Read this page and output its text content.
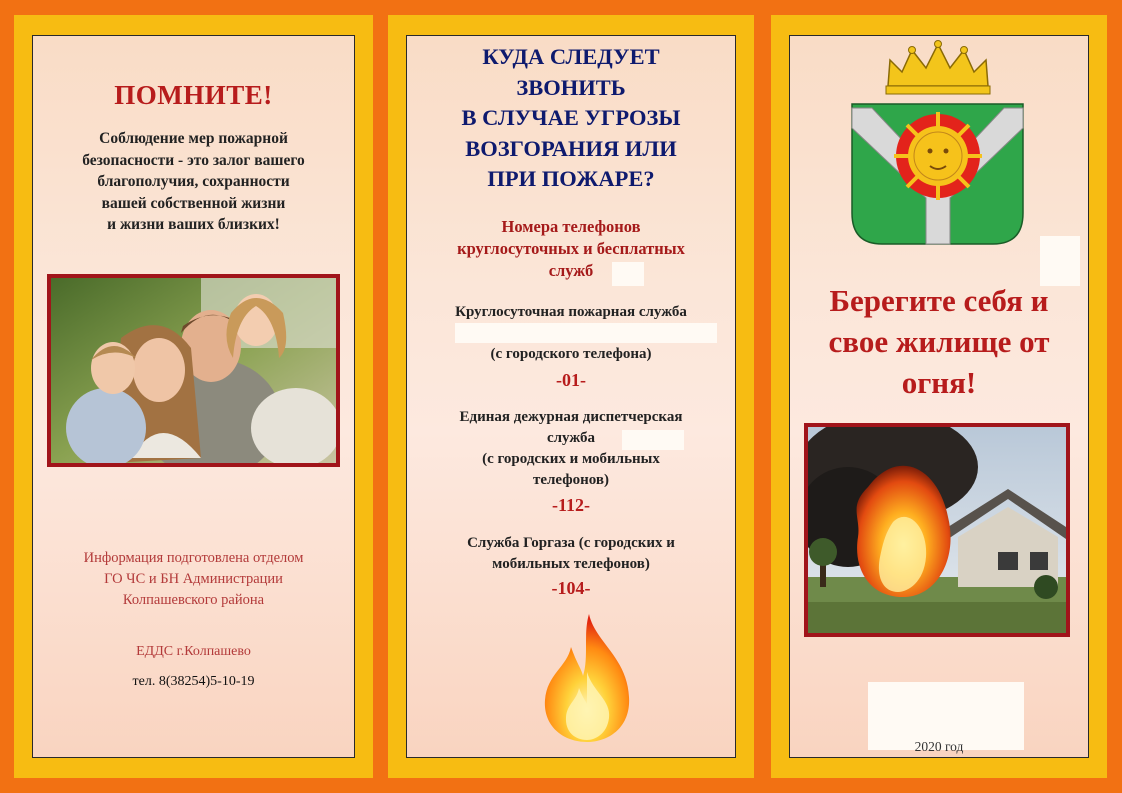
ПОМНИТЕ!
Соблюдение мер пожарной
безопасности - это залог вашего
благополучия, сохранности
вашей собственной жизни
и жизни ваших близких!
Информация подготовлена отделом
ГО ЧС и БН Администрации
Колпашевского района
ЕДДС г.Колпашево
тел. 8(38254)5-10-19
КУДА СЛЕДУЕТ
ЗВОНИТЬ
В СЛУЧАЕ УГРОЗЫ
ВОЗГОРАНИЯ ИЛИ
ПРИ ПОЖАРЕ?
Номера телефонов
круглосуточных и бесплатных
служб
Круглосуточная пожарная служба
(с городского телефона)
-01-
Единая дежурная диспетчерская
служба
(с городских и мобильных
телефонов)
-112-
Служба Горгаза (с городских и
мобильных телефонов)
-104-
Берегите себя и
свое жилище от
огня!
2020 год
